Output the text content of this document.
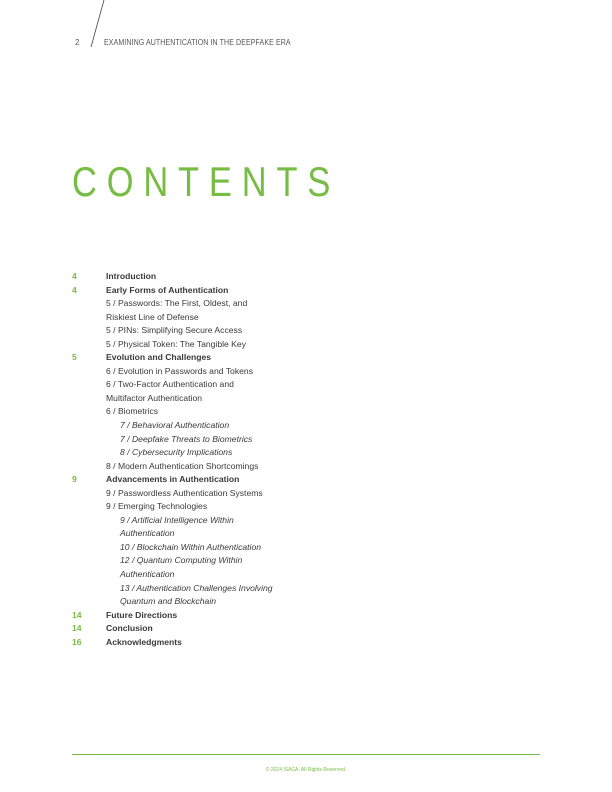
2	EXAMINING AUTHENTICATION IN THE DEEPFAKE ERA
CONTENTS
4	Introduction
4	Early Forms of Authentication
5 / Passwords: The First, Oldest, and
Riskiest Line of Defense
5 / PINs: Simplifying Secure Access
5 / Physical Token: The Tangible Key
5	Evolution and Challenges
6 / Evolution in Passwords and Tokens
6 / Two-Factor Authentication and
Multifactor Authentication
6 / Biometrics
7 / Behavioral Authentication
7 / Deepfake Threats to Biometrics
8 / Cybersecurity Implications
8 / Modern Authentication Shortcomings
9	Advancements in Authentication
9 / Passwordless Authentication Systems
9 / Emerging Technologies
9 / Artificial Intelligence Within
Authentication
10 / Blockchain Within Authentication
12 / Quantum Computing Within
Authentication
13 / Authentication Challenges Involving
Quantum and Blockchain
14	Future Directions
14	Conclusion
16	Acknowledgments
© 2024 ISACA. All Rights Reserved.
